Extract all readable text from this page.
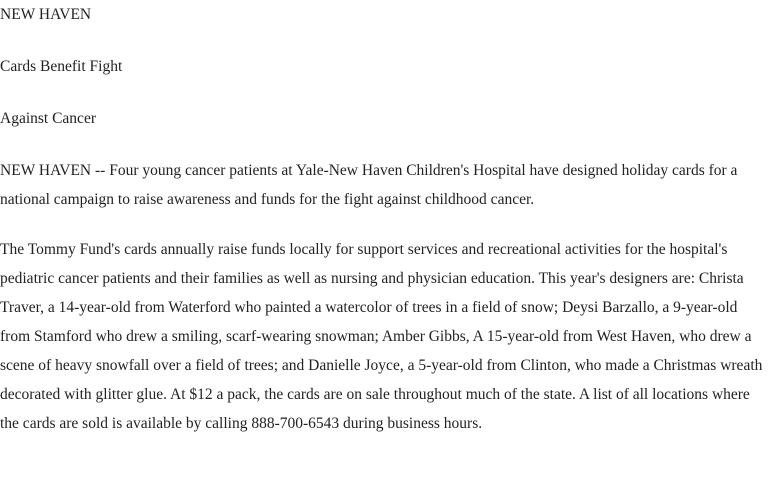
NEW HAVEN

Cards Benefit Fight

Against Cancer

NEW HAVEN -- Four young cancer patients at Yale-New Haven Children's Hospital have designed holiday cards for a national campaign to raise awareness and funds for the fight against childhood cancer.

The Tommy Fund's cards annually raise funds locally for support services and recreational activities for the hospital's pediatric cancer patients and their families as well as nursing and physician education. This year's designers are: Christa Traver, a 14-year-old from Waterford who painted a watercolor of trees in a field of snow; Deysi Barzallo, a 9-year-old from Stamford who drew a smiling, scarf-wearing snowman; Amber Gibbs, A 15-year-old from West Haven, who drew a scene of heavy snowfall over a field of trees; and Danielle Joyce, a 5-year-old from Clinton, who made a Christmas wreath decorated with glitter glue. At $12 a pack, the cards are on sale throughout much of the state. A list of all locations where the cards are sold is available by calling 888-700-6543 during business hours.
